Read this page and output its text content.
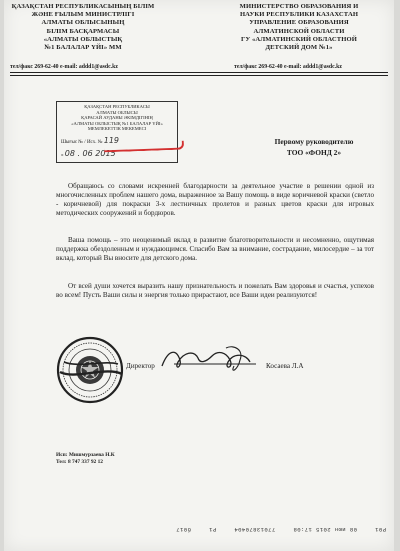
ҚАЗАҚСТАН РЕСПУБЛИКАСЫНЫҢ БІЛІМ
ЖӘНЕ ҒЫЛЫМ МИНИСТРЛІГІ
АЛМАТЫ ОБЛЫСЫНЫҢ
БІЛІМ БАСҚАРМАСЫ
«АЛМАТЫ ОБЛЫСТЫҚ
№1 БАЛАЛАР ҮЙІ» ММ
МИНИСТЕРСТВО ОБРАЗОВАНИЯ И
НАУКИ РЕСПУБЛИКИ КАЗАХСТАН
УПРАВЛЕНИЕ ОБРАЗОВАНИЯ
АЛМАТИНСКОЙ ОБЛАСТИ
ГУ «АЛМАТИНСКИЙ ОБЛАСТНОЙ
ДЕТСКИЙ ДОМ №1»
тел/факс 269-62-40 e-mail: addd1@asdc.kz	тел/факс 269-62-40 e-mail: addd1@asdc.kz
ҚАЗАҚСТАН РЕСПУБЛИКАСЫ
АЛМАТЫ ОБЛЫСЫ
ҚАРАСАЙ АУДАНЫ ӘКІМДІГІНІҢ
«АЛМАТЫ ОБЛЫСТЫҚ №1 БАЛАЛАР ҮЙІ»
МЕМЛЕКЕТТІК МЕКЕМЕСІ
Шығыс № / Исх. № 119
« 08 . 06 2015
Первому руководителю
ТОО «ФОНД 2»
Обращаюсь со словами искренней благодарности за деятельное участие в решении одной из многочисленных проблем нашего дома, выраженное за Вашу помощь в виде коричневой краски (светло - коричневой) для покраски 3-х лестничных пролетов и разных цветов краски для игровых методических сооружений и бордюров.
Ваша помощь – это неоценимый вклад в развитие благотворительности и несомненно, ощутимая поддержка обездоленным и нуждающимся. Спасибо Вам за внимание, сострадание, милосердие – за тот вклад, который Вы вносите для детского дома.
От всей души хочется выразить нашу признательность и пожелать Вам здоровья и счастья, успехов во всем! Пусть Ваши силы и энергия только прирастают, все Ваши идеи реализуются!
Директор	Косаева Л.А
Исп: Мишмурзаева Н.К
Тел: 8 747 337 92 12
Р01 08 июн 2015 17:08 77013870404 P1 б017
